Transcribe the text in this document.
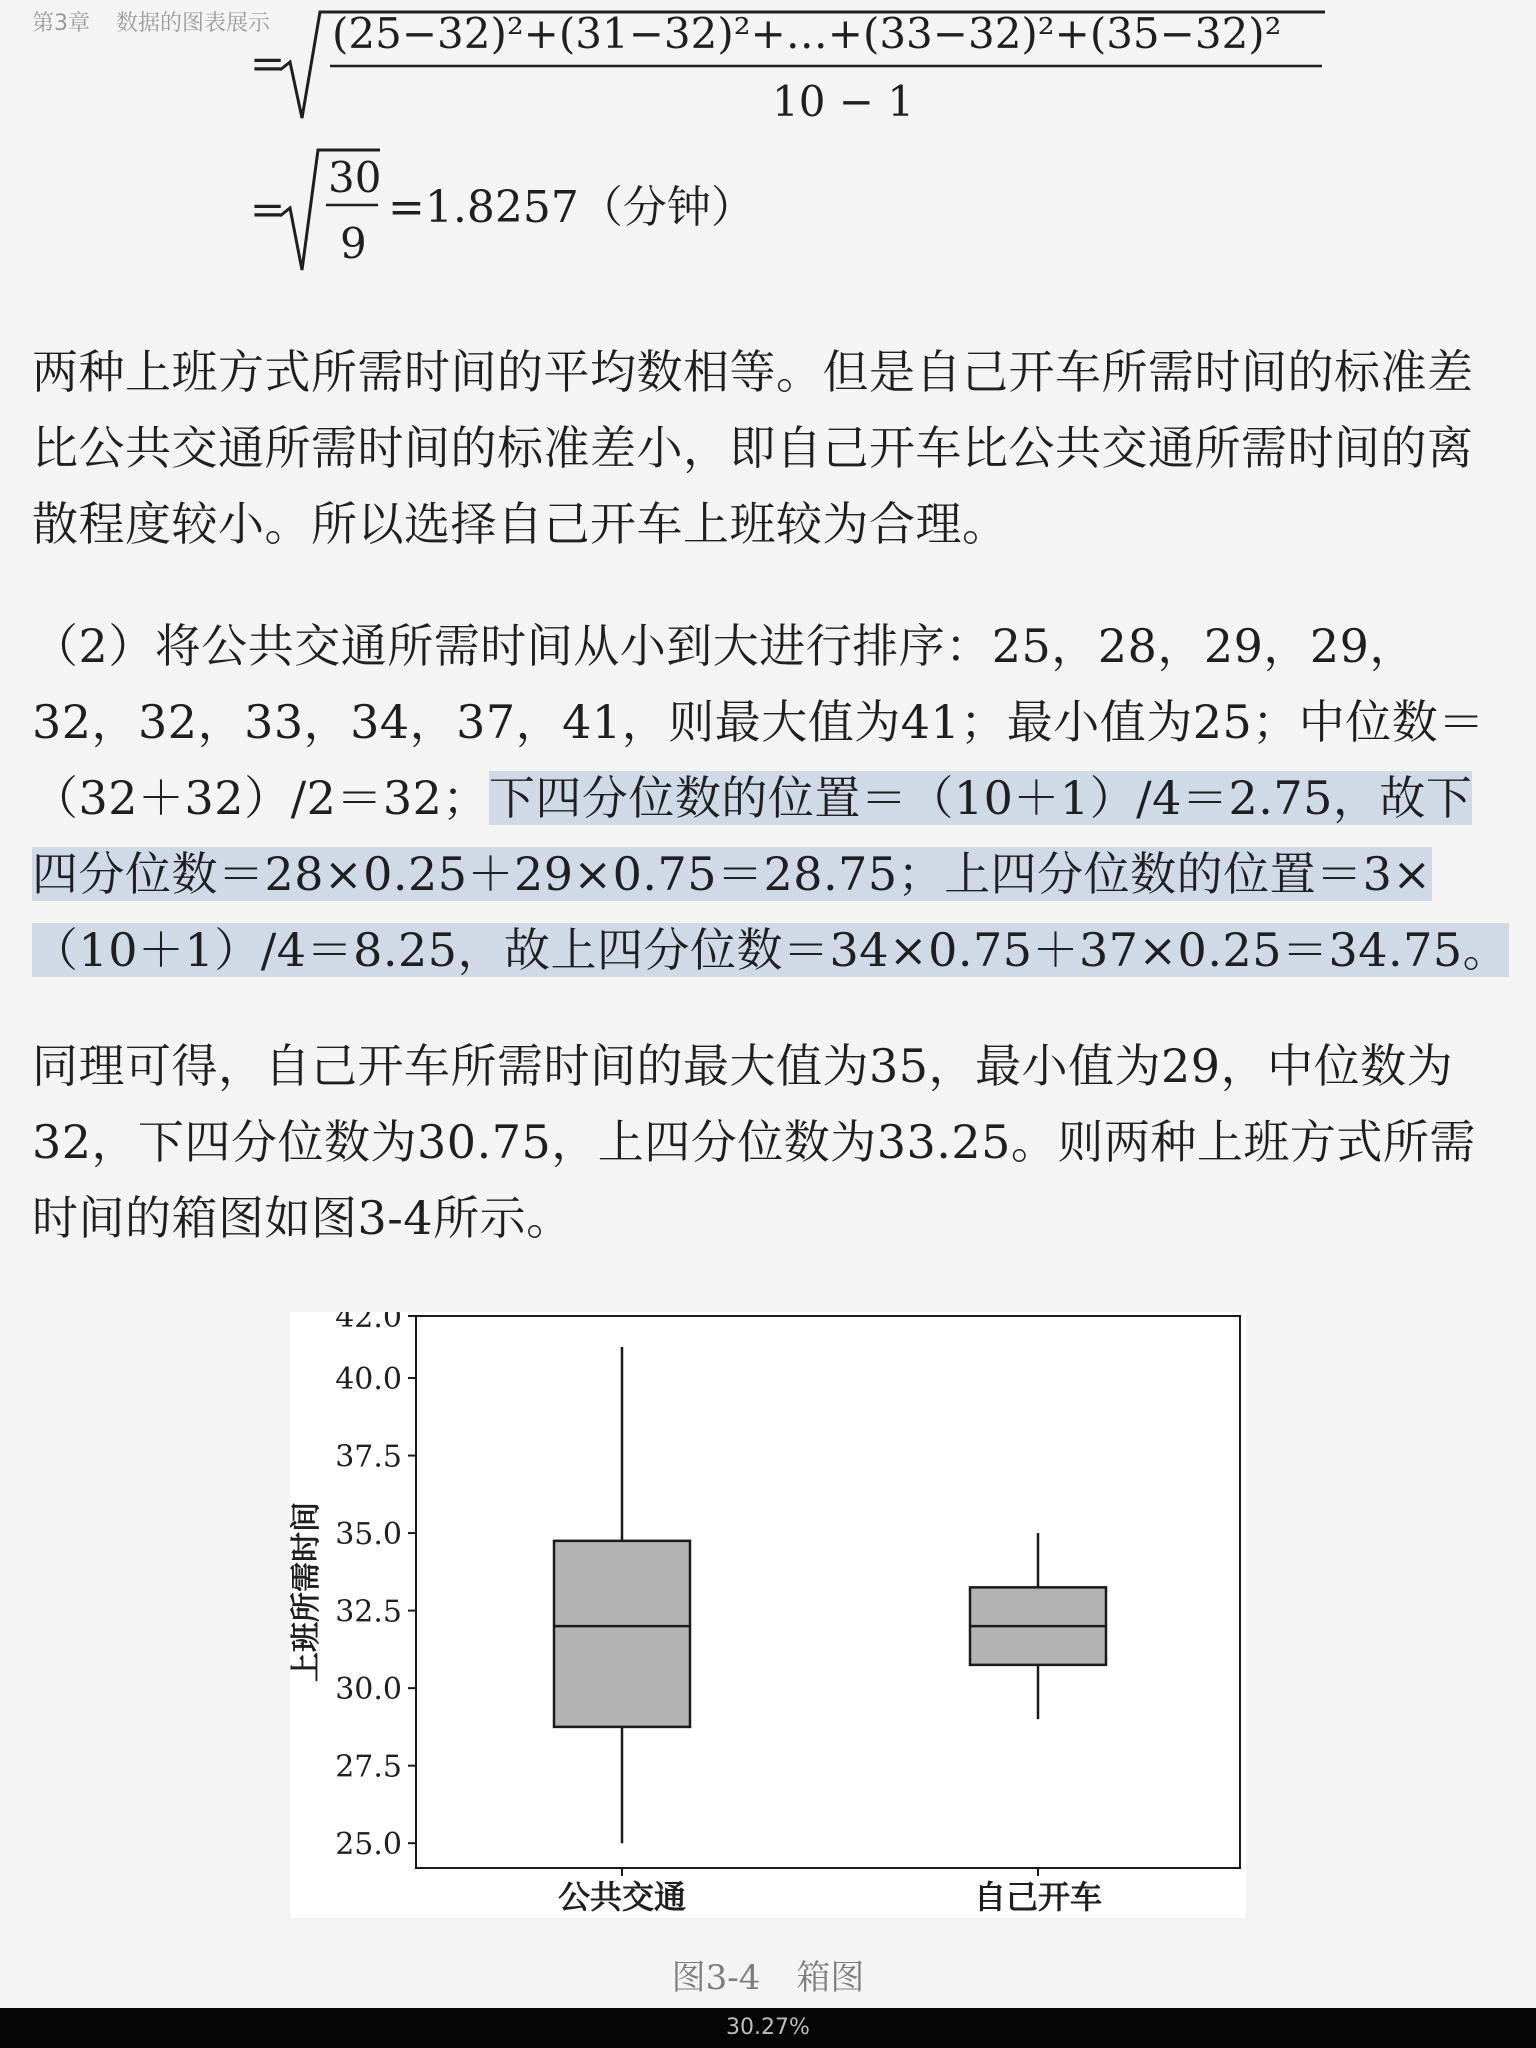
第3章 数据的图表展示
=
(25−32)²+(31−32)²+…+(33−32)²+(35−32)²
10 − 1
=
30
9
=1.8257（分钟）

两种上班方式所需时间的平均数相等。但是自己开车所需时间的标准差比公共交通所需时间的标准差小，即自己开车比公共交通所需时间的离散程度较小。所以选择自己开车上班较为合理。

（2）将公共交通所需时间从小到大进行排序：25，28，29，29，32，32，33，34，37，41，则最大值为41；最小值为25；中位数＝（32＋32）/2＝32；下四分位数的位置＝（10＋1）/4＝2.75，故下四分位数＝28×0.25＋29×0.75＝28.75；上四分位数的位置＝3×（10＋1）/4＝8.25，故上四分位数＝34×0.75＋37×0.25＝34.75。

同理可得，自己开车所需时间的最大值为35，最小值为29，中位数为32，下四分位数为30.75，上四分位数为33.25。则两种上班方式所需时间的箱图如图3-4所示。

25.0
27.5
30.0
32.5
35.0
37.5
40.0
42.0
公共交通	自己开车
上班所需时间
图3-4 箱图
30.27%
